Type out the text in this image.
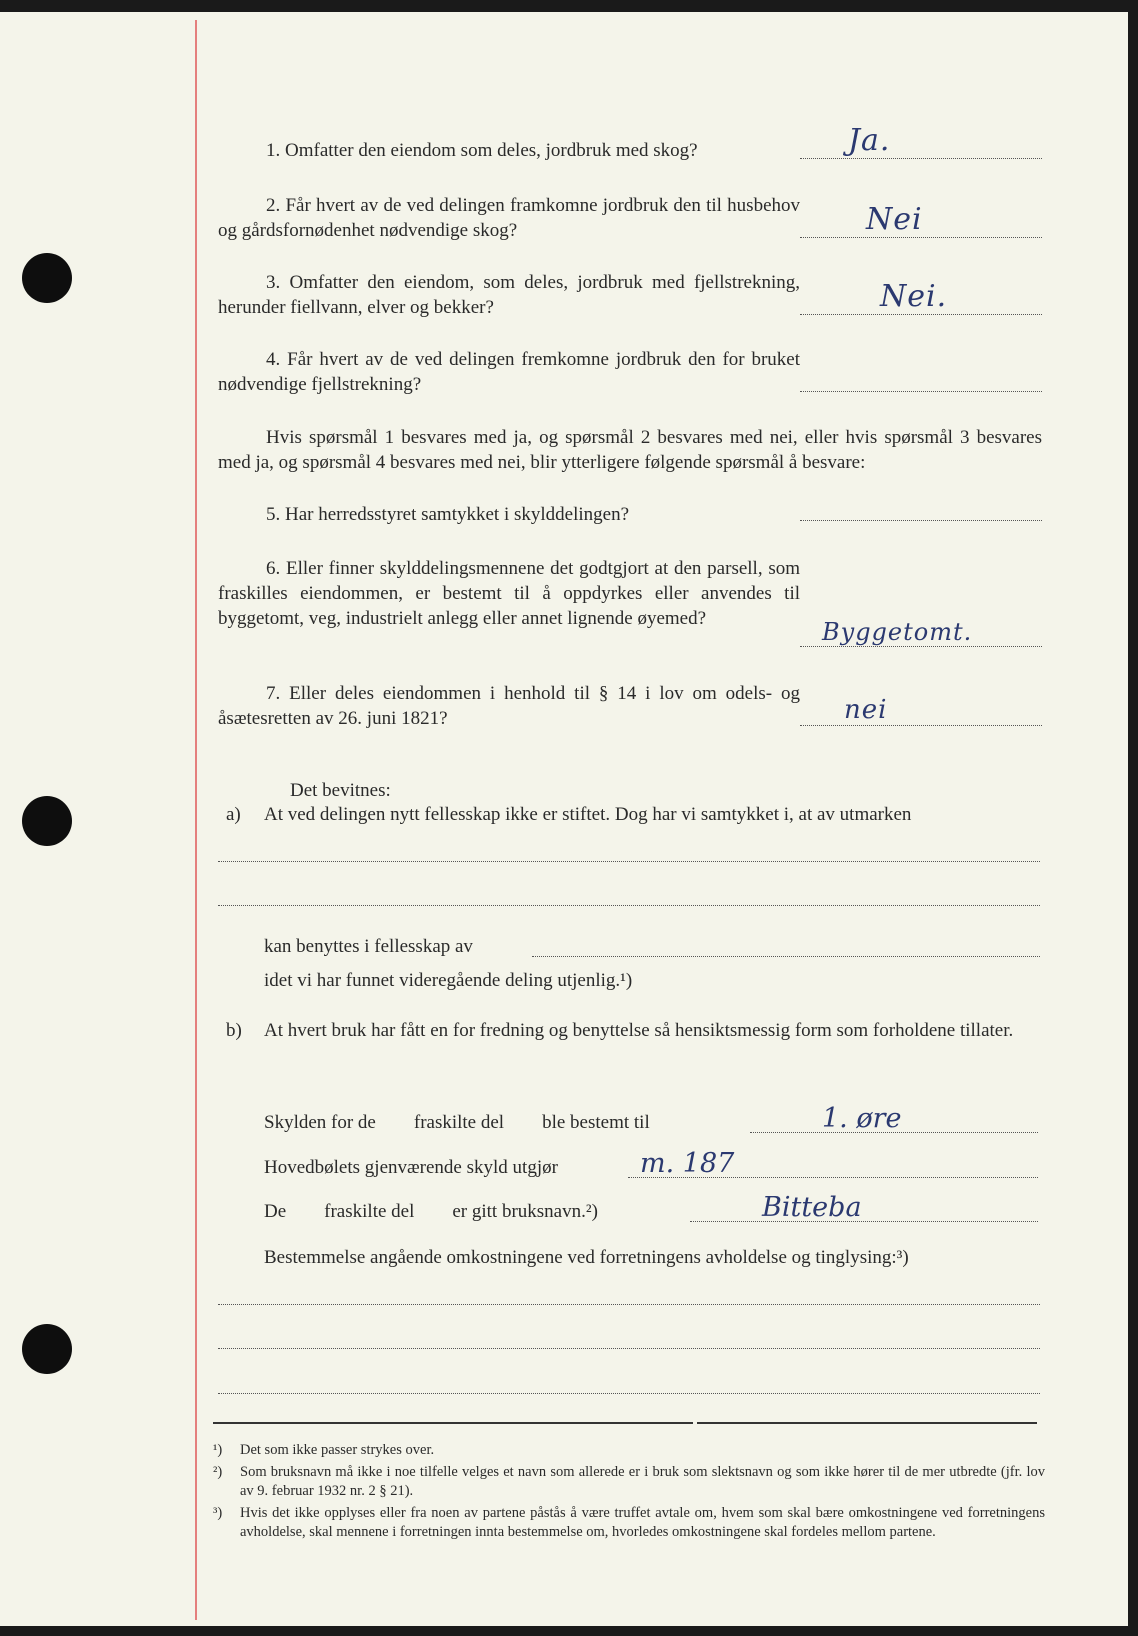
1. Omfatter den eiendom som deles, jordbruk med skog?	Ja.
2. Får hvert av de ved delingen framkomne jordbruk den til husbehov og gårdsfornødenhet nødvendige skog?	Nei
3. Omfatter den eiendom, som deles, jordbruk med fjellstrekning, herunder fiellvann, elver og bekker?	Nei.
4. Får hvert av de ved delingen fremkomne jordbruk den for bruket nødvendige fjellstrekning?
Hvis spørsmål 1 besvares med ja, og spørsmål 2 besvares med nei, eller hvis spørsmål 3 besvares med ja, og spørsmål 4 besvares med nei, blir ytterligere følgende spørsmål å besvare:
5. Har herredsstyret samtykket i skylddelingen?
6. Eller finner skylddelingsmennene det godtgjort at den parsell, som fraskilles eiendommen, er bestemt til å oppdyrkes eller anvendes til byggetomt, veg, industrielt anlegg eller annet lignende øyemed?	Byggetomt.
7. Eller deles eiendommen i henhold til § 14 i lov om odels- og åsætesretten av 26. juni 1821?	nei
Det bevitnes:
a) At ved delingen nytt fellesskap ikke er stiftet. Dog har vi samtykket i, at av utmarken
kan benyttes i fellesskap av
idet vi har funnet videregående deling utjenlig.¹)
b) At hvert bruk har fått en for fredning og benyttelse så hensiktsmessig form som forholdene tillater.
Skylden for de        fraskilte del        ble bestemt til	1. øre
Hovedbølets gjenværende skyld utgjør	m. 187
De        fraskilte del        er gitt bruksnavn.²)	Bitteba
Bestemmelse angående omkostningene ved forretningens avholdelse og tinglysing:³)
¹)	Det som ikke passer strykes over.
²)	Som bruksnavn må ikke i noe tilfelle velges et navn som allerede er i bruk som slektsnavn og som ikke hører til de mer utbredte (jfr. lov av 9. februar 1932 nr. 2 § 21).
³)	Hvis det ikke opplyses eller fra noen av partene påstås å være truffet avtale om, hvem som skal bære omkostningene ved forretningens avholdelse, skal mennene i forretningen innta bestemmelse om, hvorledes omkostningene skal fordeles mellom partene.
